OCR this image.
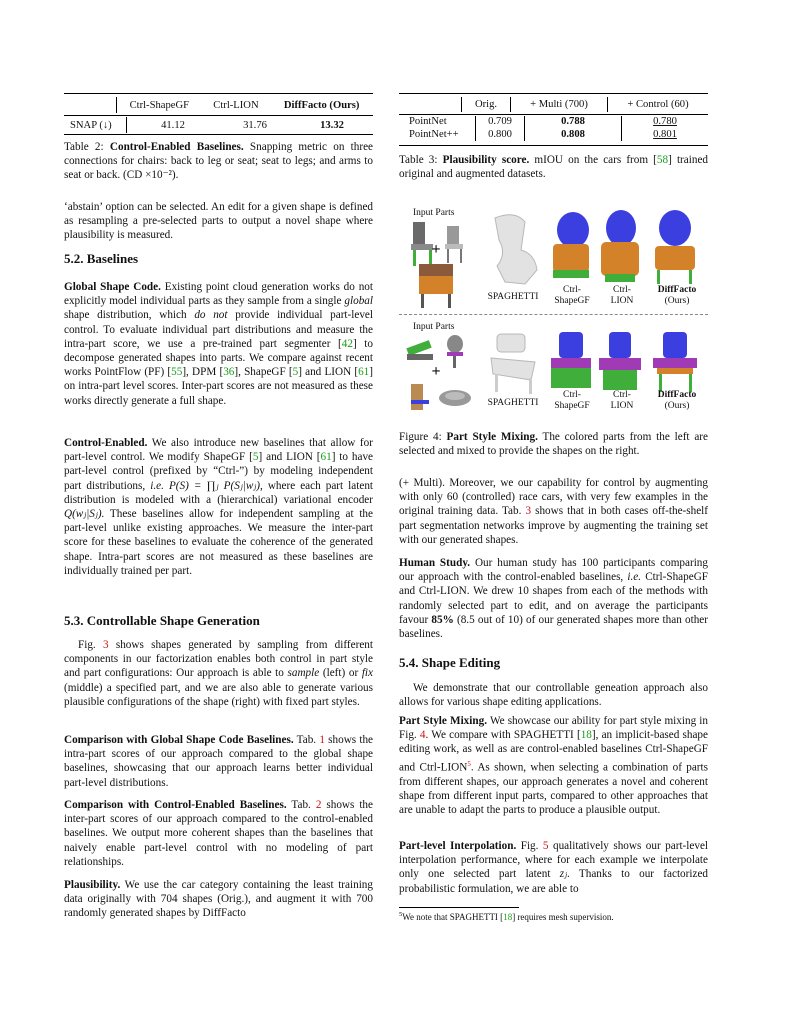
	Ctrl-ShapeGF	Ctrl-LION	DiffFacto (Ours)
SNAP (↓)	41.12	31.76	13.32

Table 2: Control-Enabled Baselines. Snapping metric on three connections for chairs: back to leg or seat; seat to legs; and arms to seat or back. (CD ×10⁻²).

‘abstain’ option can be selected. An edit for a given shape is defined as resampling a pre-selected parts to output a novel shape where plausibility is measured.

5.2. Baselines

Global Shape Code. Existing point cloud generation works do not explicitly model individual parts as they sample from a single global shape distribution, which do not provide individual part-level control. To evaluate individual part distributions and measure the intra-part score, we use a pre-trained part segmenter [42] to decompose generated shapes into parts. We compare against recent works PointFlow (PF) [55], DPM [36], ShapeGF [5] and LION [61] on intra-part level scores. Inter-part scores are not measured as these works directly generate a full shape.

Control-Enabled. We also introduce new baselines that allow for part-level control. We modify ShapeGF [5] and LION [61] to have part-level control (prefixed by “Ctrl-”) by modeling independent part distributions, i.e. P(S) = ∏ⱼ P(Sⱼ|wⱼ), where each part latent distribution is modeled with a (hierarchical) variational encoder Q(wⱼ|Sⱼ). These baselines allow for independent sampling at the part-level unlike existing approaches. We measure the inter-part score for these baselines to evaluate the coherence of the generated shape. Intra-part scores are not measured as these baselines are individually trained per part.

5.3. Controllable Shape Generation

Fig. 3 shows shapes generated by sampling from different components in our factorization enables both control in part style and part configurations: Our approach is able to sample (left) or fix (middle) a specified part, and we are also able to generate various plausible configurations of the shape (right) with fixed part styles.

Comparison with Global Shape Code Baselines. Tab. 1 shows the intra-part scores of our approach compared to the global shape baselines, showcasing that our approach learns better individual part-level distributions.

Comparison with Control-Enabled Baselines. Tab. 2 shows the inter-part scores of our approach compared to the control-enabled baselines. We output more coherent shapes than the baselines that naively enable part-level control with no modeling of part relationships.

Plausibility. We use the car category containing the least training data originally with 704 shapes (Orig.), and augment it with 700 randomly generated shapes by DiffFacto

	Orig.	+ Multi (700)	+ Control (60)
PointNet	0.709	0.788	0.780
PointNet++	0.800	0.808	0.801

Table 3: Plausibility score. mIOU on the cars from [58] trained original and augmented datasets.

Input Parts
+
SPAGHETTI
Ctrl-
ShapeGF
Ctrl-
LION
DiffFacto
(Ours)
Input Parts
+
SPAGHETTI
Ctrl-
ShapeGF
Ctrl-
LION
DiffFacto
(Ours)

Figure 4: Part Style Mixing. The colored parts from the left are selected and mixed to provide the shapes on the right.

(+ Multi). Moreover, we our capability for control by augmenting with only 60 (controlled) race cars, with very few examples in the original training data. Tab. 3 shows that in both cases off-the-shelf part segmentation networks improve by augmenting the training set with our generated shapes.

Human Study. Our human study has 100 participants comparing our approach with the control-enabled baselines, i.e. Ctrl-ShapeGF and Ctrl-LION. We drew 10 shapes from each of the methods with randomly selected part to edit, and on average the participants favour 85% (8.5 out of 10) of our generated shapes more than other baselines.

5.4. Shape Editing

We demonstrate that our controllable geneation approach also allows for various shape editing applications.

Part Style Mixing. We showcase our ability for part style mixing in Fig. 4. We compare with SPAGHETTI [18], an implicit-based shape editing work, as well as are control-enabled baselines Ctrl-ShapeGF and Ctrl-LION$^5$. As shown, when selecting a combination of parts from different shapes, our approach generates a novel and coherent shape from different input parts, compared to other approaches that are unable to adapt the parts to produce a plausible output.

Part-level Interpolation. Fig. 5 qualitatively shows our part-level interpolation performance, where for each example we interpolate only one selected part latent zⱼ. Thanks to our factorized probabilistic formulation, we are able to

$^5$We note that SPAGHETTI [18] requires mesh supervision.
